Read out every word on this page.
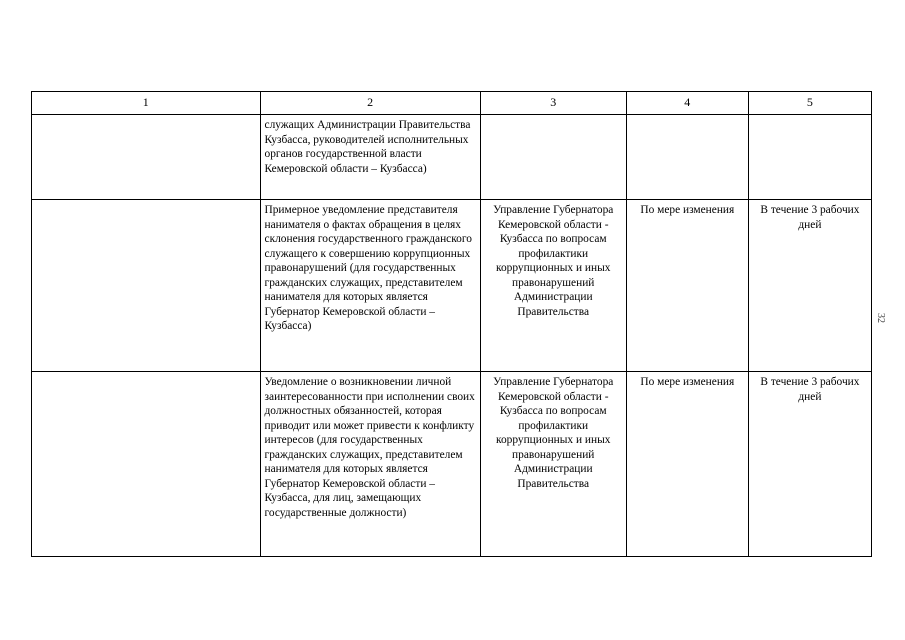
1	2	3	4	5
	служащих Администрации Правительства Кузбасса, руководителей исполнительных органов государственной власти Кемеровской области – Кузбасса)			
	Примерное уведомление представителя нанимателя о фактах обращения в целях склонения государственного гражданского служащего к совершению коррупционных правонарушений (для государственных гражданских служащих, представителем нанимателя для которых является Губернатор Кемеровской области – Кузбасса)	Управление Губернатора Кемеровской области - Кузбасса по вопросам профилактики коррупционных и иных правонарушений Администрации Правительства	По мере изменения	В течение 3 рабочих дней
	Уведомление о возникновении личной заинтересованности при исполнении своих должностных обязанностей, которая приводит или может привести к конфликту интересов (для государственных гражданских служащих, представителем нанимателя для которых является Губернатор Кемеровской области – Кузбасса, для лиц, замещающих государственные должности)	Управление Губернатора Кемеровской области - Кузбасса по вопросам профилактики коррупционных и иных правонарушений Администрации Правительства	По мере изменения	В течение 3 рабочих дней
32
